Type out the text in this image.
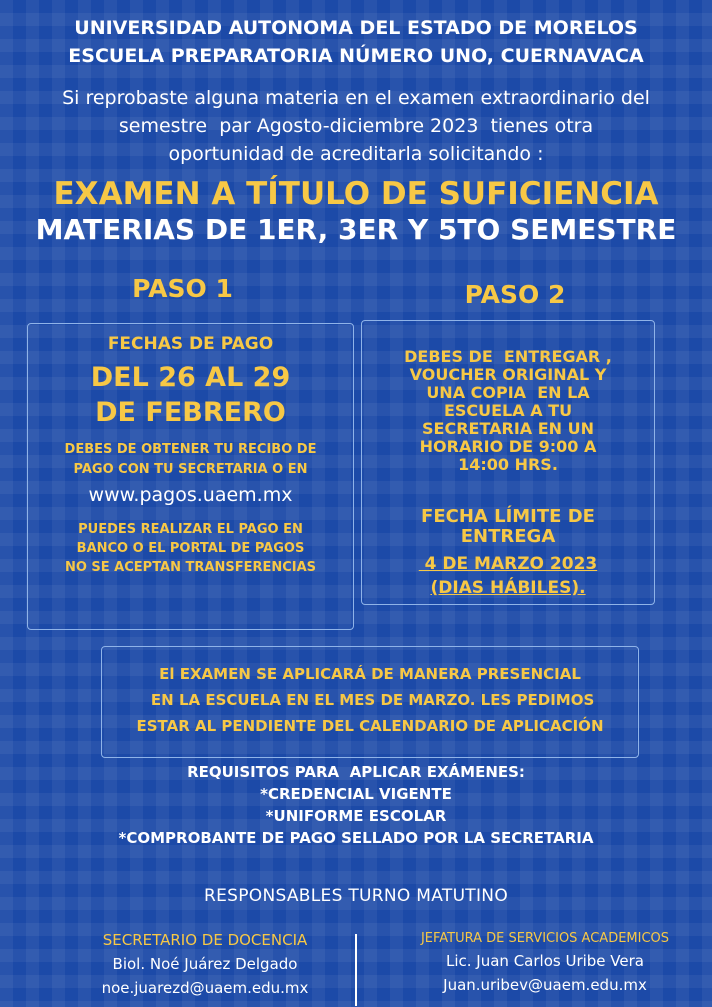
UNIVERSIDAD AUTONOMA DEL ESTADO DE MORELOS
ESCUELA PREPARATORIA NÚMERO UNO, CUERNAVACA
Si reprobaste alguna materia en el examen extraordinario del
semestre  par Agosto-diciembre 2023  tienes otra
oportunidad de acreditarla solicitando :
EXAMEN A TÍTULO DE SUFICIENCIA
MATERIAS DE 1ER, 3ER Y 5TO SEMESTRE
PASO 1	PASO 2
FECHAS DE PAGO
DEL 26 AL 29
DE FEBRERO
DEBES DE OBTENER TU RECIBO DE
PAGO CON TU SECRETARIA O EN
www.pagos.uaem.mx
PUEDES REALIZAR EL PAGO EN
BANCO O EL PORTAL DE PAGOS
NO SE ACEPTAN TRANSFERENCIAS
DEBES DE  ENTREGAR ,
VOUCHER ORIGINAL Y
UNA COPIA  EN LA
ESCUELA A TU
SECRETARIA EN UN
HORARIO DE 9:00 A
14:00 HRS.
FECHA LÍMITE DE
ENTREGA
4 DE MARZO 2023
(DIAS HÁBILES).
El EXAMEN SE APLICARÁ DE MANERA PRESENCIAL
EN LA ESCUELA EN EL MES DE MARZO. LES PEDIMOS
ESTAR AL PENDIENTE DEL CALENDARIO DE APLICACIÓN
REQUISITOS PARA  APLICAR EXÁMENES:
*CREDENCIAL VIGENTE
*UNIFORME ESCOLAR
*COMPROBANTE DE PAGO SELLADO POR LA SECRETARIA
RESPONSABLES TURNO MATUTINO
SECRETARIO DE DOCENCIA
Biol. Noé Juárez Delgado
noe.juarezd@uaem.edu.mx
JEFATURA DE SERVICIOS ACADEMICOS
Lic. Juan Carlos Uribe Vera
Juan.uribev@uaem.edu.mx
